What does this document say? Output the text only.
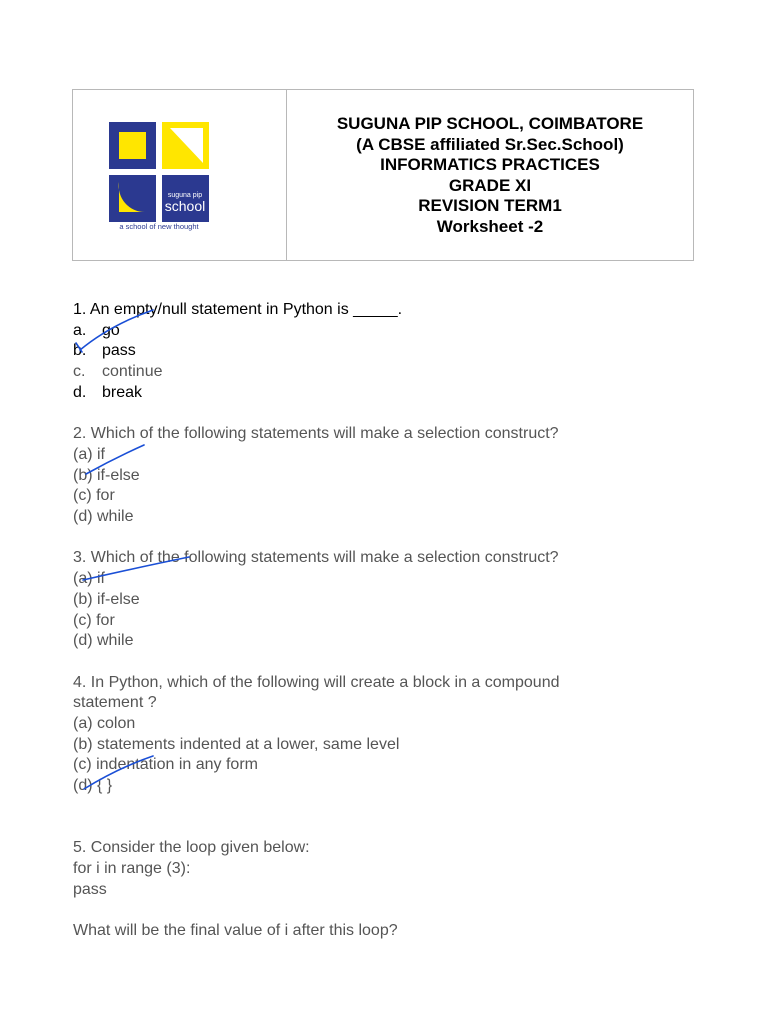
suguna pip
school
a school of new thought
SUGUNA PIP SCHOOL, COIMBATORE
(A CBSE affiliated Sr.Sec.School)
INFORMATICS PRACTICES
GRADE XI
REVISION TERM1
Worksheet -2
1. An empty/null statement in Python is _____.
a. go
b. pass
c.	continue
d. break
2. Which of the following statements will make a selection construct?
(a) if
(b) if-else
(c) for
(d) while
3. Which of the following statements will make a selection construct?
(a) if
(b) if-else
(c) for
(d) while
4. In Python, which of the following will create a block in a compound
statement ?
(a) colon
(b) statements indented at a lower, same level
(c) indentation in any form
(d) { }
5. Consider the loop given below:
for i in range (3):
pass
What will be the final value of i after this loop?
